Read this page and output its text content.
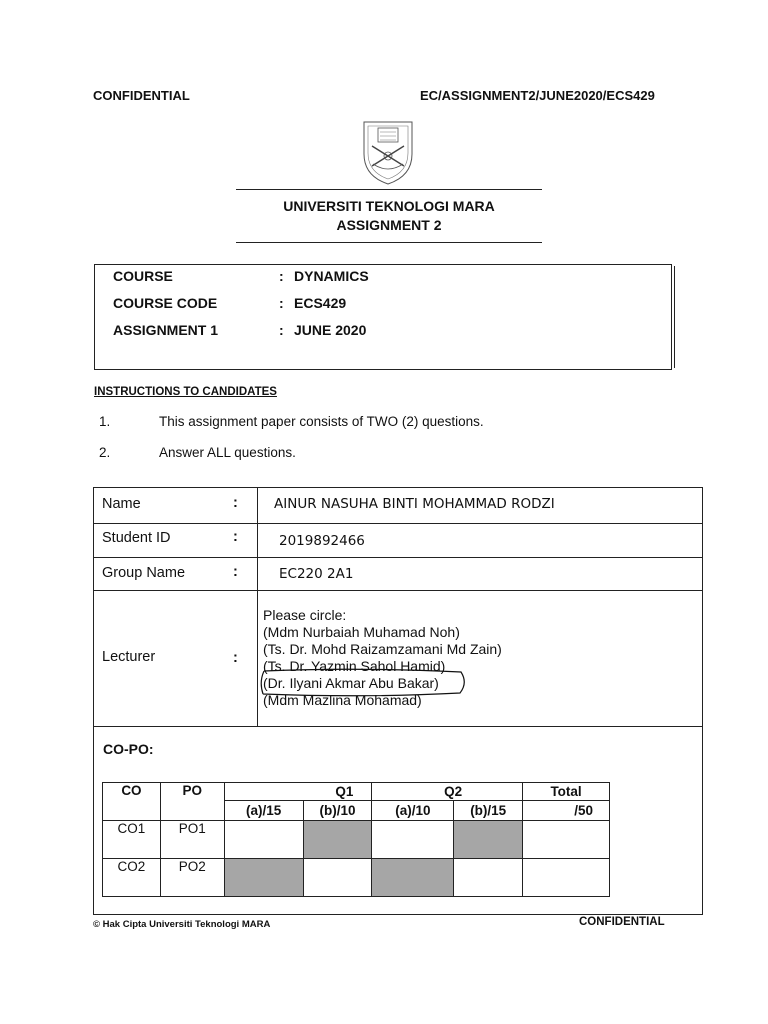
CONFIDENTIAL	EC/ASSIGNMENT2/JUNE2020/ECS429
UNIVERSITI TEKNOLOGI MARA
ASSIGNMENT 2
COURSE	: DYNAMICS
COURSE CODE	: ECS429
ASSIGNMENT 1	: JUNE 2020
INSTRUCTIONS TO CANDIDATES
1.	This assignment paper consists of TWO (2) questions.
2.	Answer ALL questions.
Name	:	AINUR NASUHA BINTI MOHAMMAD RODZI
Student ID	:	2019892466
Group Name	:	EC220 2A1
Lecturer	:
Please circle:
(Mdm Nurbaiah Muhamad Noh)
(Ts. Dr. Mohd Raizamzamani Md Zain)
(Ts. Dr. Yazmin Sahol Hamid)
(Dr. Ilyani Akmar Abu Bakar)
(Mdm Mazlina Mohamad)
CO-PO:
CO	PO	Q1		Q2		Total
		(a)/15	(b)/10	(a)/10	(b)/15	/50
CO1	PO1					
CO2	PO2					
© Hak Cipta Universiti Teknologi MARA	CONFIDENTIAL
